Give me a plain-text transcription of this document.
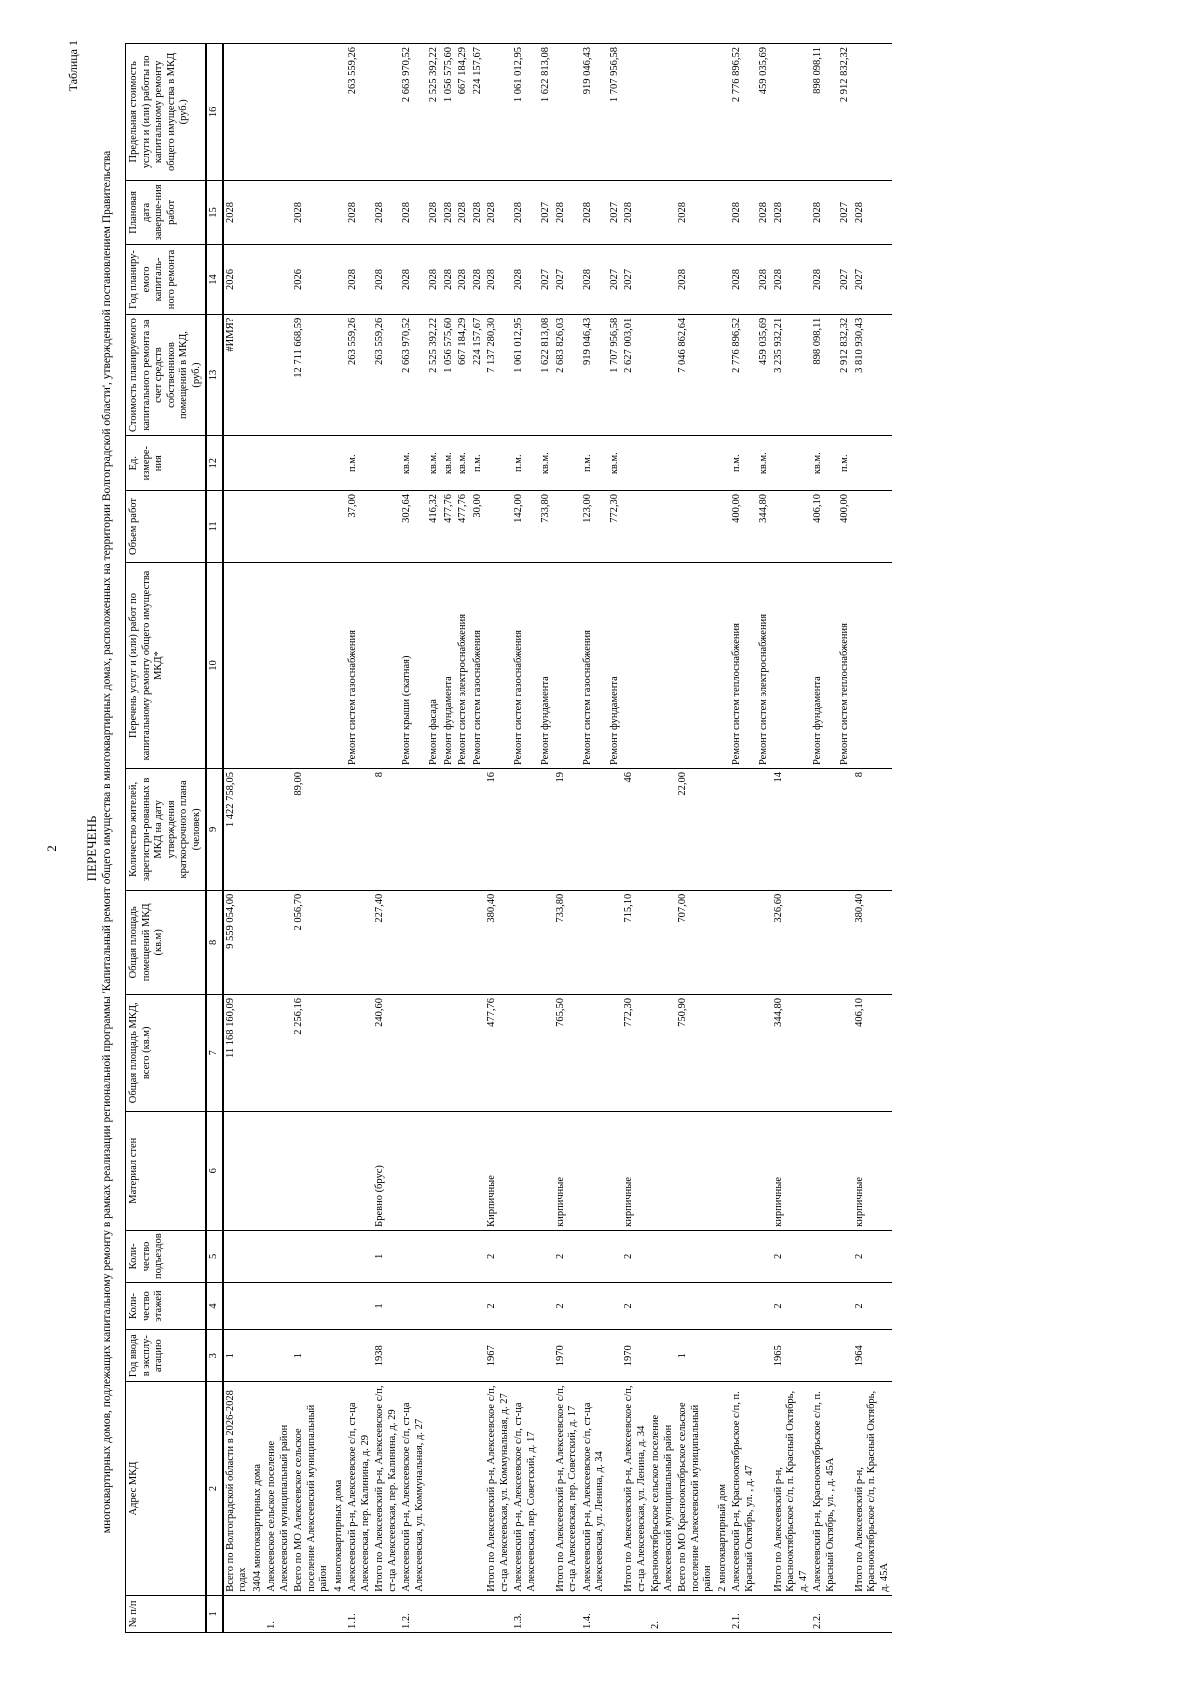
2
Таблица 1
ПЕРЕЧЕНЬ многоквартирных домов, подлежащих капитальному ремонту в рамках реализации региональной программы 'Капитальный ремонт общего имущества в многоквартирных домах, расположенных на территории Волгоградской области', утвержденной постановлением Правительства
№ п/п	Адрес МКД	Год ввода в эксплу-атацию	Коли-чество этажей	Коли-чество подъездов	Материал стен	Общая площадь МКД, всего (кв.м)	Общая площадь помещений МКД (кв.м)	Количество жителей, зарегистри-рованных в МКД на дату утверждения краткосрочного плана (человек)	Перечень услуг и (или) работ по капитальному ремонту общего имущества МКД*	Объем работ	Ед. измере-ния	Стоимость планируемого капитального ремонта за счет средств собственников помещений в МКД, (руб.)	Год планиру-емого капиталь-ного ремонта	Плановая дата заверше-ния работ	Предельная стоимость услуги и (или) работы по капитальному ремонту общего имущества в МКД (руб.)
1	2	3	4	5	6	7	8	9	10	11	12	13	14	15	16
	Всего по Волгоградской области в 2026-2028 годах	1				11 168 160,09	9 559 054,00	1 422 758,05				#ИМЯ?	2026	2028	
	3404 многоквартирных дома														
1.	Алексеевское сельское поселение Алексеевский муниципальный район														
	Всего по МО Алексеевское сельское поселение Алексеевский муниципальный район	1				2 256,16	2 056,70	89,00				12 711 668,59	2026	2028	
	4 многоквартирных дома														
1.1.	Алексеевский р-н, Алексеевское с/п, ст-ца Алексеевская, пер. Калинина, д. 29								Ремонт систем газоснабжения	37,00	п.м.	263 559,26	2028	2028	263 559,26
	Итого по Алексеевский р-н, Алексеевское с/п, ст-ца Алексеевская, пер. Калинина, д. 29	1938	1	1	Бревно (брус)	240,60	227,40	8				263 559,26	2028	2028	
1.2.	Алексеевский р-н, Алексеевское с/п, ст-ца Алексеевская, ул. Коммунальная, д. 27								Ремонт крыши (скатная)	302,64	кв.м.	2 663 970,52	2028	2028	2 663 970,52
									Ремонт фасада	416,32	кв.м.	2 525 392,22	2028	2028	2 525 392,22
									Ремонт фундамента	477,76	кв.м.	1 056 575,60	2028	2028	1 056 575,60
									Ремонт систем электроснабжения	477,76	кв.м.	667 184,29	2028	2028	667 184,29
									Ремонт систем газоснабжения	30,00	п.м.	224 157,67	2028	2028	224 157,67
	Итого по Алексеевский р-н, Алексеевское с/п, ст-ца Алексеевская, ул. Коммунальная, д. 27	1967	2	2	Кирпичные	477,76	380,40	16				7 137 280,30	2028	2028	
1.3.	Алексеевский р-н, Алексеевское с/п, ст-ца Алексеевская, пер. Советский, д. 17								Ремонт систем газоснабжения	142,00	п.м.	1 061 012,95	2028	2028	1 061 012,95
									Ремонт фундамента	733,80	кв.м.	1 622 813,08	2027	2027	1 622 813,08
	Итого по Алексеевский р-н, Алексеевское с/п, ст-ца Алексеевская, пер. Советский, д. 17	1970	2	2	кирпичные	765,50	733,80	19				2 683 826,03	2027	2028	
1.4.	Алексеевский р-н, Алексеевское с/п, ст-ца Алексеевская, ул. Ленина, д. 34								Ремонт систем газоснабжения	123,00	п.м.	919 046,43	2028	2028	919 046,43
									Ремонт фундамента	772,30	кв.м.	1 707 956,58	2027	2027	1 707 956,58
	Итого по Алексеевский р-н, Алексеевское с/п, ст-ца Алексеевская, ул. Ленина, д. 34	1970	2	2	кирпичные	772,30	715,10	46				2 627 003,01	2027	2028	
2.	Краснооктябрьское сельское поселение Алексеевский муниципальный район														
	Всего по МО Краснооктябрьское сельское поселение Алексеевский муниципальный район	1				750,90	707,00	22,00				7 046 862,64	2028	2028	
	2 многоквартирный дом														
2.1.	Алексеевский р-н, Краснооктябрьское с/п, п. Красный Октябрь, ул. , д. 47								Ремонт систем теплоснабжения	400,00	п.м.	2 776 896,52	2028	2028	2 776 896,52
									Ремонт систем электроснабжения	344,80	кв.м.	459 035,69	2028	2028	459 035,69
	Итого по Алексеевский р-н, Краснооктябрьское с/п, п. Красный Октябрь, д. 47	1965	2	2	кирпичные	344,80	326,60	14				3 235 932,21	2028	2028	
2.2.	Алексеевский р-н, Краснооктябрьское с/п, п. Красный Октябрь, ул. , д. 45А								Ремонт фундамента	406,10	кв.м.	898 098,11	2028	2028	898 098,11
									Ремонт систем теплоснабжения	400,00	п.м.	2 912 832,32	2027	2027	2 912 832,32
	Итого по Алексеевский р-н, Краснооктябрьское с/п, п. Красный Октябрь, д. 45А	1964	2	2	кирпичные	406,10	380,40	8				3 810 930,43	2027	2028	
